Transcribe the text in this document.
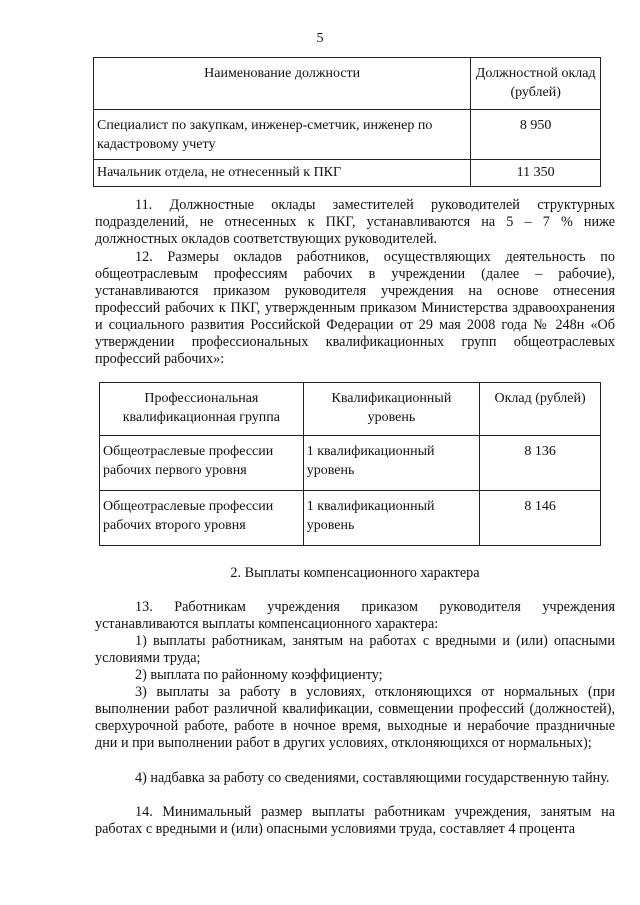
5
Наименование должности	Должностной оклад (рублей)
Специалист по закупкам, инженер-сметчик, инженер по кадастровому учету	8 950
Начальник отдела, не отнесенный к ПКГ	11 350
11. Должностные оклады заместителей руководителей структурных подразделений, не отнесенных к ПКГ, устанавливаются на 5 – 7 % ниже должностных окладов соответствующих руководителей.
12. Размеры окладов работников, осуществляющих деятельность по общеотраслевым профессиям рабочих в учреждении (далее – рабочие), устанавливаются приказом руководителя учреждения на основе отнесения профессий рабочих к ПКГ, утвержденным приказом Министерства здравоохранения и социального развития Российской Федерации от 29 мая 2008 года № 248н «Об утверждении профессиональных квалификационных групп общеотраслевых профессий рабочих»:
Профессиональная квалификационная группа	Квалификационный уровень	Оклад (рублей)
Общеотраслевые профессии рабочих первого уровня	1 квалификационный уровень	8 136
Общеотраслевые профессии рабочих второго уровня	1 квалификационный уровень	8 146
2. Выплаты компенсационного характера
13. Работникам учреждения приказом руководителя учреждения устанавливаются выплаты компенсационного характера:
1) выплаты работникам, занятым на работах с вредными и (или) опасными условиями труда;
2) выплата по районному коэффициенту;
3) выплаты за работу в условиях, отклоняющихся от нормальных (при выполнении работ различной квалификации, совмещении профессий (должностей), сверхурочной работе, работе в ночное время, выходные и нерабочие праздничные дни и при выполнении работ в других условиях, отклоняющихся от нормальных);
4) надбавка за работу со сведениями, составляющими государственную тайну.
14. Минимальный размер выплаты работникам учреждения, занятым на работах с вредными и (или) опасными условиями труда, составляет 4 процента
